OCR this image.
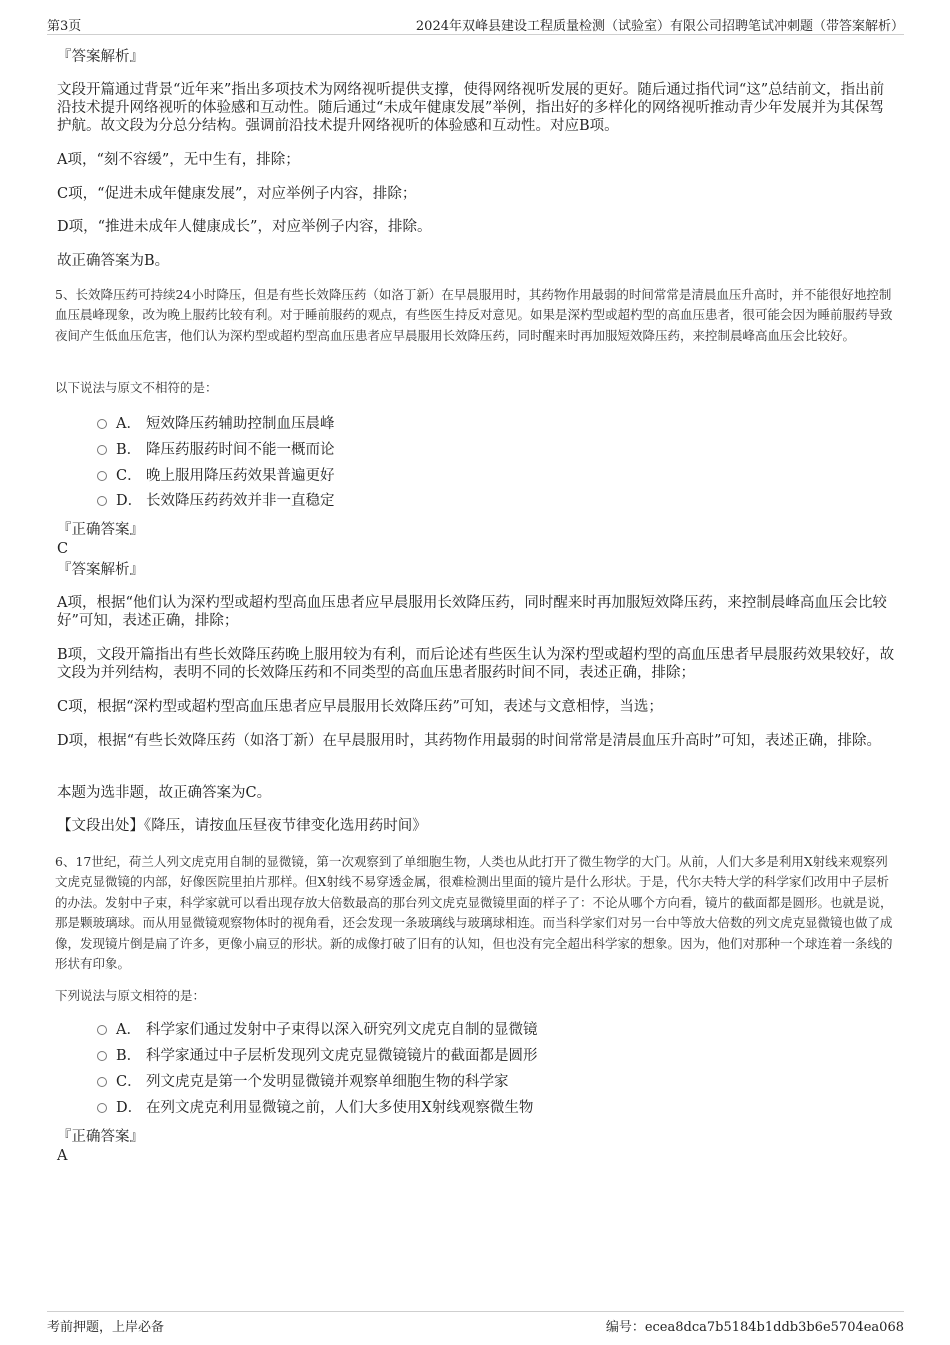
第3页	2024年双峰县建设工程质量检测（试验室）有限公司招聘笔试冲刺题（带答案解析）

『答案解析』

文段开篇通过背景“近年来”指出多项技术为网络视听提供支撑，使得网络视听发展的更好。随后通过指代词“这”总结前文，指出前沿技术提升网络视听的体验感和互动性。随后通过“未成年健康发展”举例，指出好的多样化的网络视听推动青少年发展并为其保驾护航。故文段为分总分结构。强调前沿技术提升网络视听的体验感和互动性。对应B项。

A项，“刻不容缓”，无中生有，排除；

C项，“促进未成年健康发展”，对应举例子内容，排除；

D项，“推进未成年人健康成长”，对应举例子内容，排除。

故正确答案为B。

5、长效降压药可持续24小时降压，但是有些长效降压药（如洛丁新）在早晨服用时，其药物作用最弱的时间常常是清晨血压升高时，并不能很好地控制血压晨峰现象，改为晚上服药比较有利。对于睡前服药的观点，有些医生持反对意见。如果是深杓型或超杓型的高血压患者，很可能会因为睡前服药导致夜间产生低血压危害，他们认为深杓型或超杓型高血压患者应早晨服用长效降压药，同时醒来时再加服短效降压药，来控制晨峰高血压会比较好。

以下说法与原文不相符的是：

A． 短效降压药辅助控制血压晨峰
B． 降压药服药时间不能一概而论
C． 晚上服用降压药效果普遍更好
D． 长效降压药药效并非一直稳定

『正确答案』

C

『答案解析』

A项，根据“他们认为深杓型或超杓型高血压患者应早晨服用长效降压药，同时醒来时再加服短效降压药，来控制晨峰高血压会比较好”可知，表述正确，排除；

B项，文段开篇指出有些长效降压药晚上服用较为有利，而后论述有些医生认为深杓型或超杓型的高血压患者早晨服药效果较好，故文段为并列结构，表明不同的长效降压药和不同类型的高血压患者服药时间不同，表述正确，排除；

C项，根据“深杓型或超杓型高血压患者应早晨服用长效降压药”可知，表述与文意相悖，当选；

D项，根据“有些长效降压药（如洛丁新）在早晨服用时，其药物作用最弱的时间常常是清晨血压升高时”可知，表述正确，排除。

本题为选非题，故正确答案为C。

【文段出处】《降压，请按血压昼夜节律变化选用药时间》

6、17世纪，荷兰人列文虎克用自制的显微镜，第一次观察到了单细胞生物，人类也从此打开了微生物学的大门。从前，人们大多是利用X射线来观察列文虎克显微镜的内部，好像医院里拍片那样。但X射线不易穿透金属，很难检测出里面的镜片是什么形状。于是，代尔夫特大学的科学家们改用中子层析的办法。发射中子束，科学家就可以看出现存放大倍数最高的那台列文虎克显微镜里面的样子了：不论从哪个方向看，镜片的截面都是圆形。也就是说，那是颗玻璃球。而从用显微镜观察物体时的视角看，还会发现一条玻璃线与玻璃球相连。而当科学家们对另一台中等放大倍数的列文虎克显微镜也做了成像，发现镜片倒是扁了许多，更像小扁豆的形状。新的成像打破了旧有的认知，但也没有完全超出科学家的想象。因为，他们对那种一个球连着一条线的形状有印象。

下列说法与原文相符的是：

A． 科学家们通过发射中子束得以深入研究列文虎克自制的显微镜
B． 科学家通过中子层析发现列文虎克显微镜镜片的截面都是圆形
C． 列文虎克是第一个发明显微镜并观察单细胞生物的科学家
D． 在列文虎克利用显微镜之前，人们大多使用X射线观察微生物

『正确答案』

A

考前押题，上岸必备	编号：ecea8dca7b5184b1ddb3b6e5704ea068
